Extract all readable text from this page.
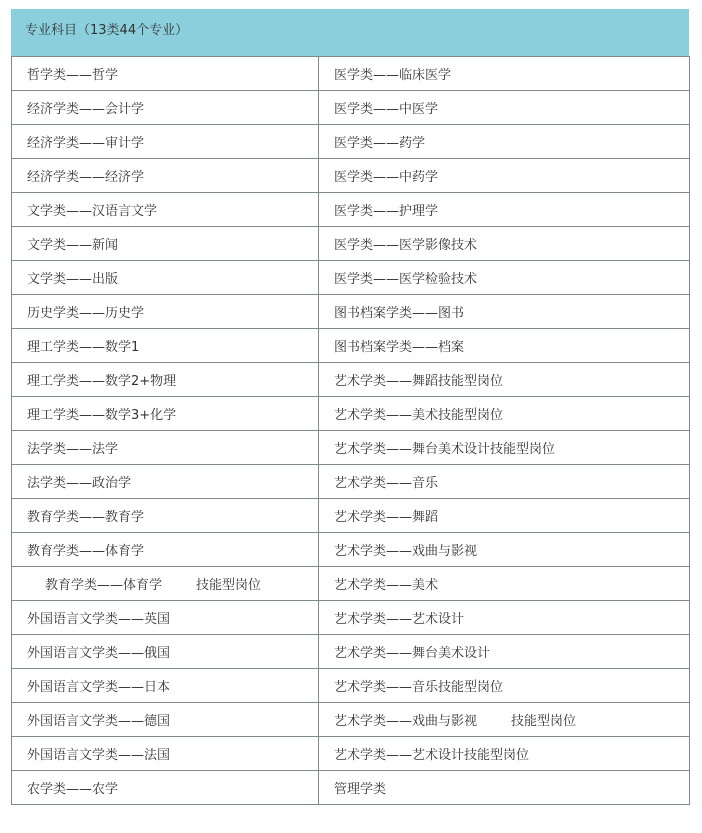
专业科目（13类44个专业）
哲学类——哲学	医学类——临床医学
经济学类——会计学	医学类——中医学
经济学类——审计学	医学类——药学
经济学类——经济学	医学类——中药学
文学类——汉语言文学	医学类——护理学
文学类——新闻	医学类——医学影像技术
文学类——出版	医学类——医学检验技术
历史学类——历史学	图书档案学类——图书
理工学类——数学1	图书档案学类——档案
理工学类——数学2+物理	艺术学类——舞蹈技能型岗位
理工学类——数学3+化学	艺术学类——美术技能型岗位
法学类——法学	艺术学类——舞台美术设计技能型岗位
法学类——政治学	艺术学类——音乐
教育学类——教育学	艺术学类——舞蹈
教育学类——体育学	艺术学类——戏曲与影视
教育学类——体育学 技能型岗位	艺术学类——美术
外国语言文学类——英国	艺术学类——艺术设计
外国语言文学类——俄国	艺术学类——舞台美术设计
外国语言文学类——日本	艺术学类——音乐技能型岗位
外国语言文学类——德国	艺术学类——戏曲与影视 技能型岗位
外国语言文学类——法国	艺术学类——艺术设计技能型岗位
农学类——农学	管理学类
